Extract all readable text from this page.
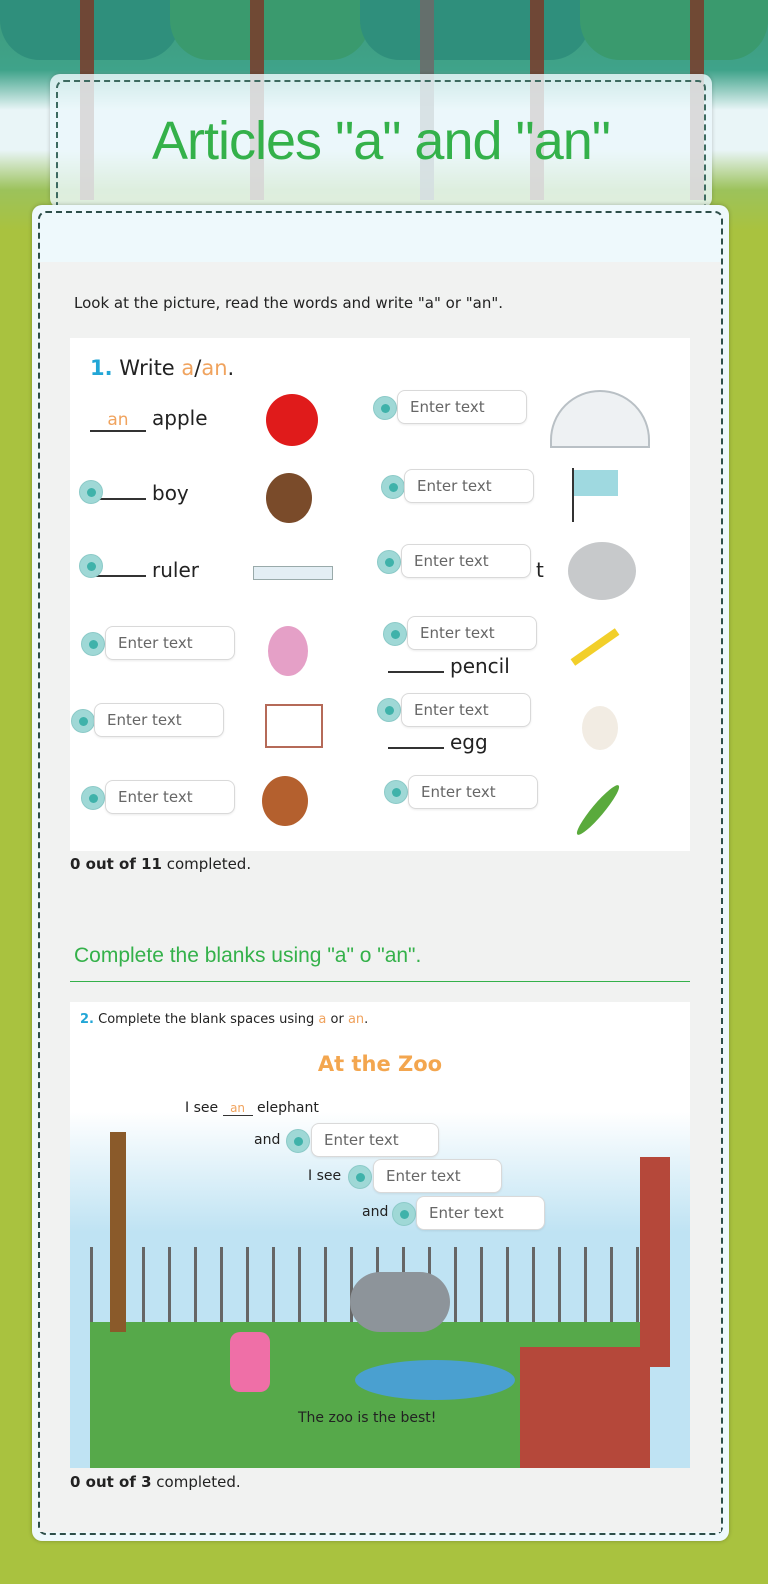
Articles "a" and "an"
Look at the picture, read the words and write "a" or "an".
1. Write a/an.
an apple
boy
ruler
pencil
egg
t
Enter text
Enter text
Enter text
Enter text
Enter text
Enter text
Enter text
Enter text	Enter text
0 out of 11 completed.
Complete the blanks using "a" o "an".
2. Complete the blank spaces using a or an.
At the Zoo
I see an elephant
and
I see
and
The zoo is the best!
Enter text
Enter text
Enter text
0 out of 3 completed.
